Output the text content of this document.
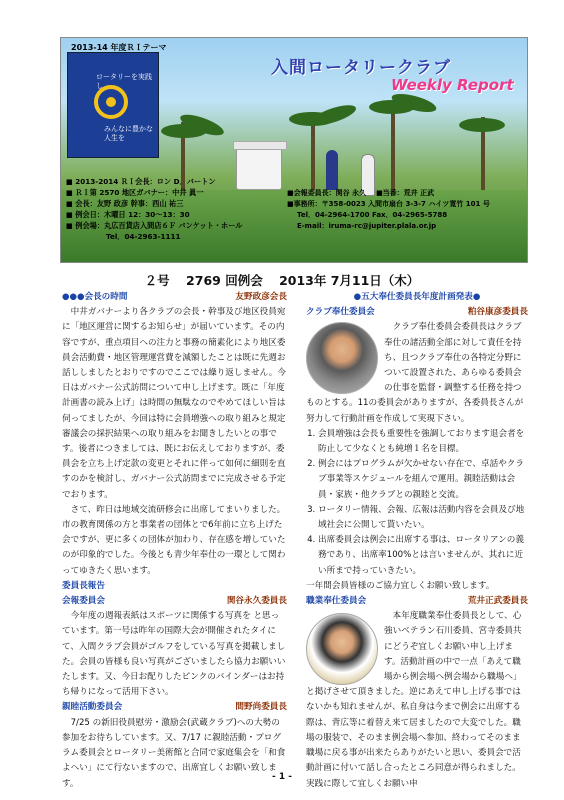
2013-14 年度ＲＩテーマ
ロータリーを実践し
みんなに豊かな人生を
入間ロータリークラブ
Weekly Report
■ 2013-2014 ＲＩ会長：ロン D．バートン
■ ＲＩ第 2570 地区ガバナー：中井 眞一
■ 会長：友野 政彦 幹事：西山 祐三
■ 例会日：木曜日 12：30～13：30
■ 例会場：丸広百貨店入間店６Ｆ バンケット・ホール
Tel．04-2963-1111
■会報委員長：関谷 永久 ■当番：荒井 正武
■事務所：〒358-0023 入間市扇台 3-3-7 ハイツ寛竹 101 号
Tel．04-2964-1700 Fax．04-2965-5788
E-mail：iruma-rc@jupiter.plala.or.jp
２号 2769 回例会 2013年 7月11日（木）
●●●会長の時間	友野政彦会長

中井ガバナーより各クラブの会長・幹事及び地区役員宛に「地区運営に関するお知らせ」が届いています。その内容ですが、重点項目への注力と事務の簡素化により地区委員会活動費・地区管理運営費を減額したことは既に先週お話ししましたとおりですのでここでは繰り返しません。今日はガバナー公式訪問について申し上げます。既に「年度計画書の読み上げ」は時間の無駄なのでやめてほしい旨は伺ってましたが、今回は特に会員増強への取り組みと規定審議会の採択結果への取り組みをお聞きしたいとの事です。後者につきましては、既にお伝えしておりますが、委員会を立ち上げ定款の変更とそれに伴って如何に細則を直すのかを検討し、ガバナー公式訪問までに完成させる予定でおります。

さて、昨日は地域交流研修会に出席してまいりました。市の教育関係の方と事業者の団体とで6年前に立ち上げた会ですが、更に多くの団体が加わり、存在感を増していたのが印象的でした。今後とも青少年奉仕の一環として関わってゆきたく思います。

委員長報告
会報委員会	関谷永久委員長

今年度の週報表紙はスポーツに関係する写真を と思っています。第一号は昨年の国際大会が開催されたタイにて、入間クラブ会員がゴルフをしている写真を掲載しました。会員の皆様も良い写真がございましたら協力お願いいたします。又、今日お配りしたピンクのバインダーはお持ち帰りになって活用下さい。

親睦活動委員会	間野尚委員長

7/25 の新旧役員慰労・激励会(武蔵クラブ)への大勢の参加をお待ちしています。又、7/17 に親睦活動・プログラム委員会とロータリー美術館と合同で家庭集会を「和食よへい」にて行ないますので、出席宜しくお願い致します。

●五大奉仕委員長年度計画発表●
クラブ奉仕委員会	粕谷康彦委員長

クラブ奉仕委員会委員長はクラブ奉仕の諸活動全部に対して責任を持ち、且つクラブ奉仕の各特定分野について設置された、あらゆる委員会の仕事を監督・調整する任務を持つものとする。11の委員会がありますが、各委員長さんが努力して行動計画を作成して実現下さい。

1. 会員増強は会長も重要性を強調しております退会者を防止して少なくとも純増１名を目標。
2. 例会にはプログラムが欠かせない存在で、卓話やクラブ事業等スケジュールを組んで運用。親睦活動は会員・家族・他クラブとの親睦と交流。
3. ロータリー情報、会報、広報は活動内容を会員及び地域社会に公開して貰いたい。
4. 出席委員会は例会に出席する事は、ロータリアンの義務であり、出席率100%とは言いませんが、其れに近い所まで持っていきたい。
一年間会員皆様のご協力宜しくお願い致します。
職業奉仕委員会	荒井正武委員長

本年度職業奉仕委員長として、心強いベテラン石川委員、宮寺委員共にどうぞ宜しくお願い申し上げます。活動計画の中で一点「あえて職場から例会場へ例会場から職場へ」と掲げさせて頂きました。逆にあえて申し上げる事ではないかも知れませんが、私自身は今まで例会に出席する際は、背広等に着替え来て居ましたので大変でした。職場の服装で、そのまま例会場へ参加、終わってそのまま職場に戻る事が出来たらありがたいと思い、委員会で活動計画に付いて話し合ったところ同意が得られました。実践に際して宜しくお願い申

- 1 -
